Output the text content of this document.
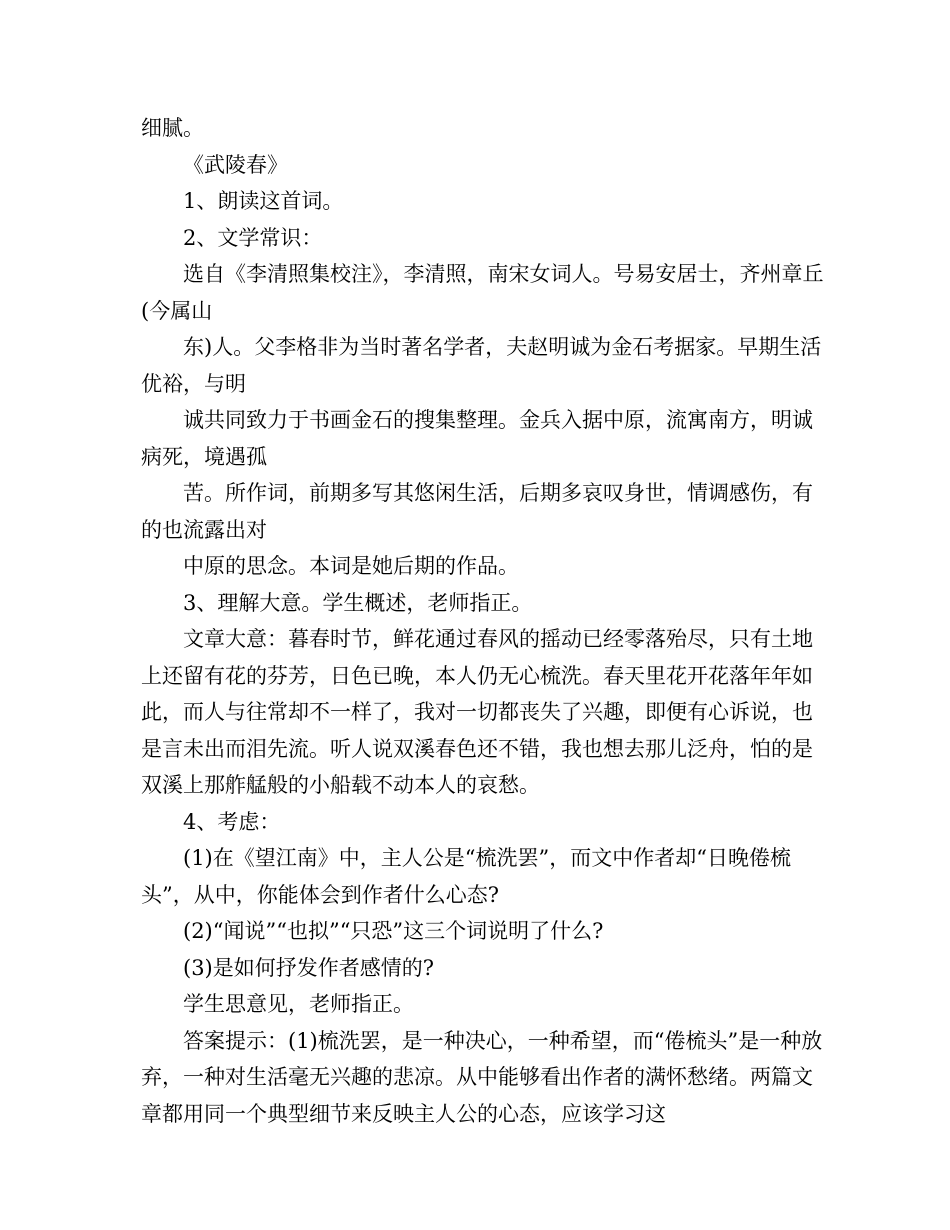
细腻。

《武陵春》

1、朗读这首词。

2、文学常识：

选自《李清照集校注》，李清照，南宋女词人。号易安居士，齐州章丘(今属山

东)人。父李格非为当时著名学者，夫赵明诚为金石考据家。早期生活优裕，与明

诚共同致力于书画金石的搜集整理。金兵入据中原，流寓南方，明诚病死，境遇孤

苦。所作词，前期多写其悠闲生活，后期多哀叹身世，情调感伤，有的也流露出对

中原的思念。本词是她后期的作品。

3、理解大意。学生概述，老师指正。

文章大意：暮春时节，鲜花通过春风的摇动已经零落殆尽，只有土地上还留有花的芬芳，日色已晚，本人仍无心梳洗。春天里花开花落年年如此，而人与往常却不一样了，我对一切都丧失了兴趣，即便有心诉说，也是言未出而泪先流。听人说双溪春色还不错，我也想去那儿泛舟，怕的是双溪上那舴艋般的小船载不动本人的哀愁。

4、考虑：

(1)在《望江南》中，主人公是“梳洗罢”，而文中作者却“日晚倦梳头”，从中，你能体会到作者什么心态?

(2)“闻说”“也拟”“只恐”这三个词说明了什么?

(3)是如何抒发作者感情的?

学生思意见，老师指正。

答案提示：(1)梳洗罢，是一种决心，一种希望，而“倦梳头”是一种放弃，一种对生活毫无兴趣的悲凉。从中能够看出作者的满怀愁绪。两篇文章都用同一个典型细节来反映主人公的心态，应该学习这
